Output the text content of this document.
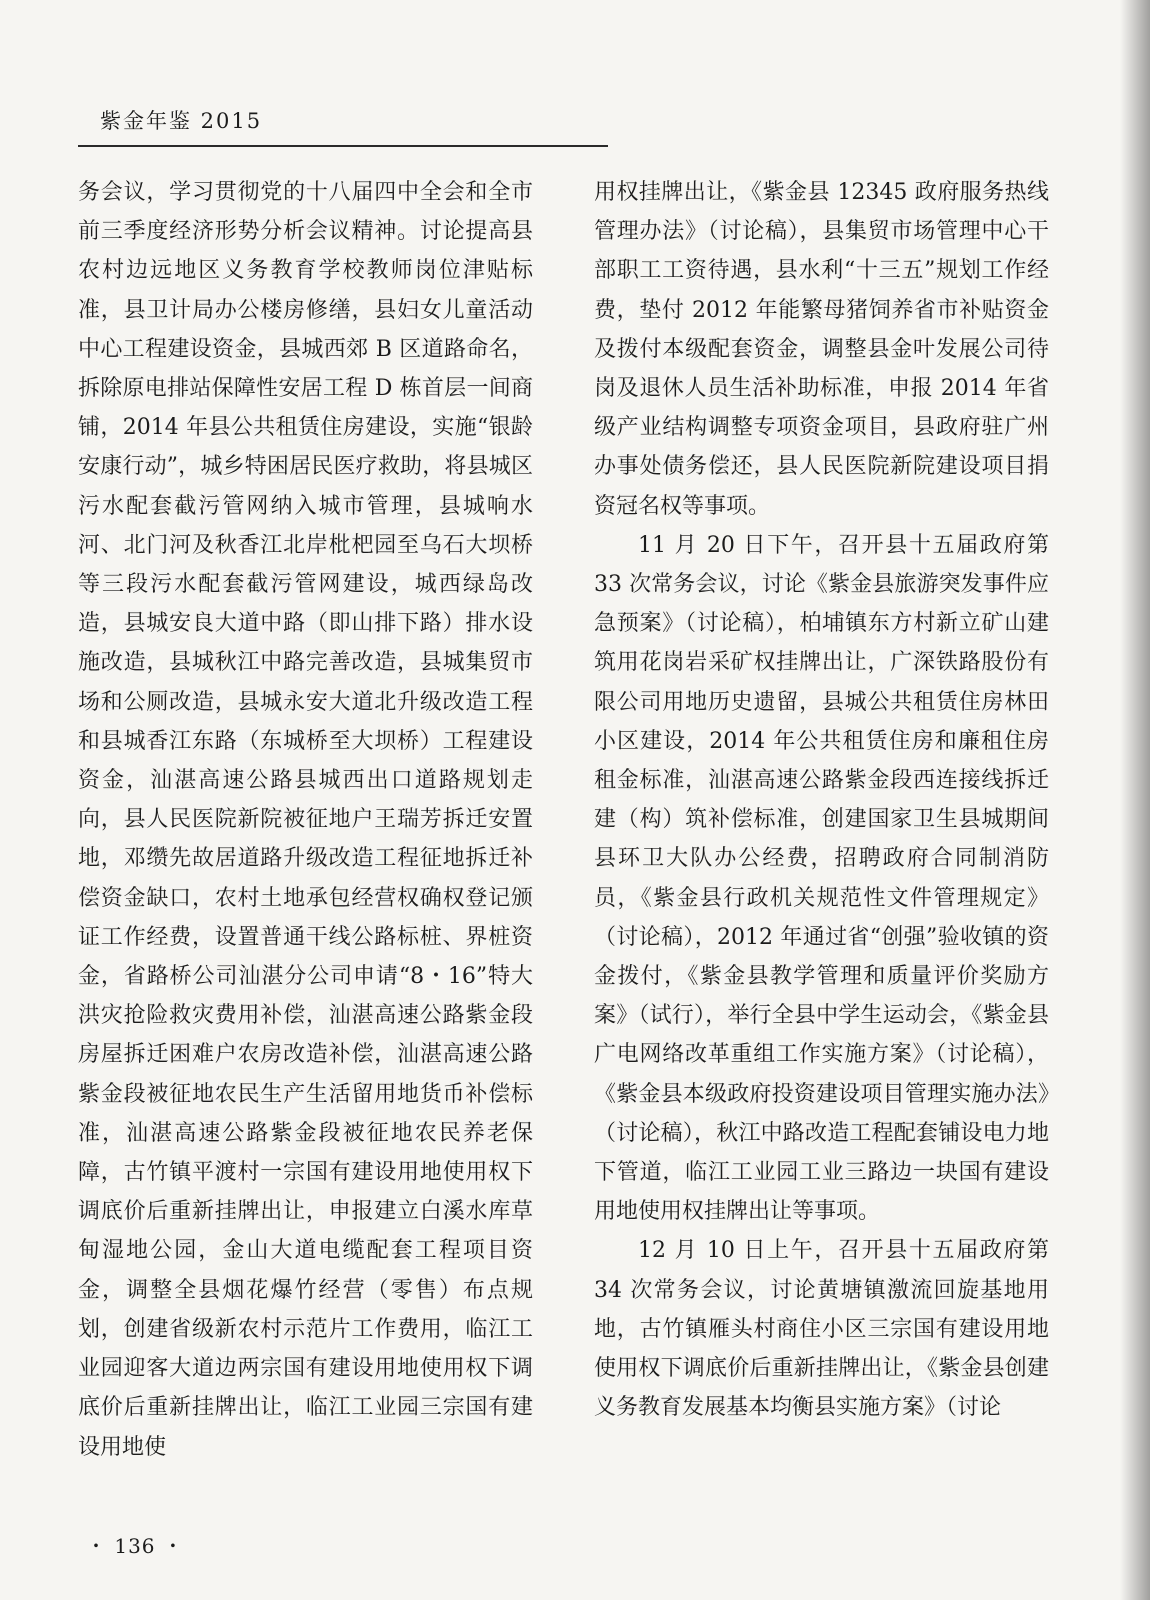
紫金年鉴 2015

务会议，学习贯彻党的十八届四中全会和全市前三季度经济形势分析会议精神。讨论提高县农村边远地区义务教育学校教师岗位津贴标准，县卫计局办公楼房修缮，县妇女儿童活动中心工程建设资金，县城西郊 B 区道路命名，拆除原电排站保障性安居工程 D 栋首层一间商铺，2014 年县公共租赁住房建设，实施“银龄安康行动”，城乡特困居民医疗救助，将县城区污水配套截污管网纳入城市管理，县城响水河、北门河及秋香江北岸枇杷园至乌石大坝桥等三段污水配套截污管网建设，城西绿岛改造，县城安良大道中路（即山排下路）排水设施改造，县城秋江中路完善改造，县城集贸市场和公厕改造，县城永安大道北升级改造工程和县城香江东路（东城桥至大坝桥）工程建设资金，汕湛高速公路县城西出口道路规划走向，县人民医院新院被征地户王瑞芳拆迁安置地，邓缵先故居道路升级改造工程征地拆迁补偿资金缺口，农村土地承包经营权确权登记颁证工作经费，设置普通干线公路标桩、界桩资金，省路桥公司汕湛分公司申请“8・16”特大洪灾抢险救灾费用补偿，汕湛高速公路紫金段房屋拆迁困难户农房改造补偿，汕湛高速公路紫金段被征地农民生产生活留用地货币补偿标准，汕湛高速公路紫金段被征地农民养老保障，古竹镇平渡村一宗国有建设用地使用权下调底价后重新挂牌出让，申报建立白溪水库草甸湿地公园，金山大道电缆配套工程项目资金，调整全县烟花爆竹经营（零售）布点规划，创建省级新农村示范片工作费用，临江工业园迎客大道边两宗国有建设用地使用权下调底价后重新挂牌出让，临江工业园三宗国有建设用地使

用权挂牌出让，《紫金县 12345 政府服务热线管理办法》（讨论稿），县集贸市场管理中心干部职工工资待遇，县水利“十三五”规划工作经费，垫付 2012 年能繁母猪饲养省市补贴资金及拨付本级配套资金，调整县金叶发展公司待岗及退休人员生活补助标准，申报 2014 年省级产业结构调整专项资金项目，县政府驻广州办事处债务偿还，县人民医院新院建设项目捐资冠名权等事项。

11 月 20 日下午，召开县十五届政府第 33 次常务会议，讨论《紫金县旅游突发事件应急预案》（讨论稿），柏埔镇东方村新立矿山建筑用花岗岩采矿权挂牌出让，广深铁路股份有限公司用地历史遗留，县城公共租赁住房林田小区建设，2014 年公共租赁住房和廉租住房租金标准，汕湛高速公路紫金段西连接线拆迁建（构）筑补偿标准，创建国家卫生县城期间县环卫大队办公经费，招聘政府合同制消防员，《紫金县行政机关规范性文件管理规定》（讨论稿），2012 年通过省“创强”验收镇的资金拨付，《紫金县教学管理和质量评价奖励方案》（试行），举行全县中学生运动会，《紫金县广电网络改革重组工作实施方案》（讨论稿），《紫金县本级政府投资建设项目管理实施办法》（讨论稿），秋江中路改造工程配套铺设电力地下管道，临江工业园工业三路边一块国有建设用地使用权挂牌出让等事项。

12 月 10 日上午，召开县十五届政府第 34 次常务会议，讨论黄塘镇激流回旋基地用地，古竹镇雁头村商住小区三宗国有建设用地使用权下调底价后重新挂牌出让，《紫金县创建义务教育发展基本均衡县实施方案》（讨论

・ 136 ・
